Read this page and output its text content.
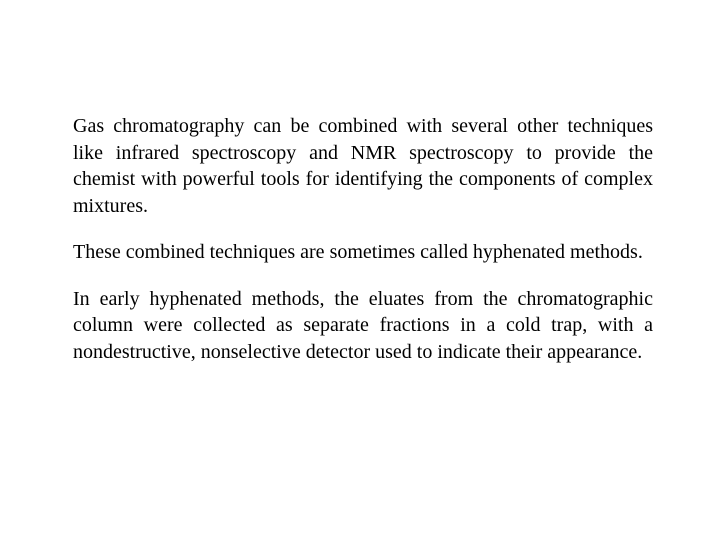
Gas chromatography can be combined with several other techniques like infrared spectroscopy and NMR spectroscopy to provide the chemist with powerful tools for identifying the components of complex mixtures.

These combined techniques are sometimes called hyphenated methods.

In early hyphenated methods, the eluates from the chromatographic column were collected as separate fractions in a cold trap, with a nondestructive, nonselective detector used to indicate their appearance.
